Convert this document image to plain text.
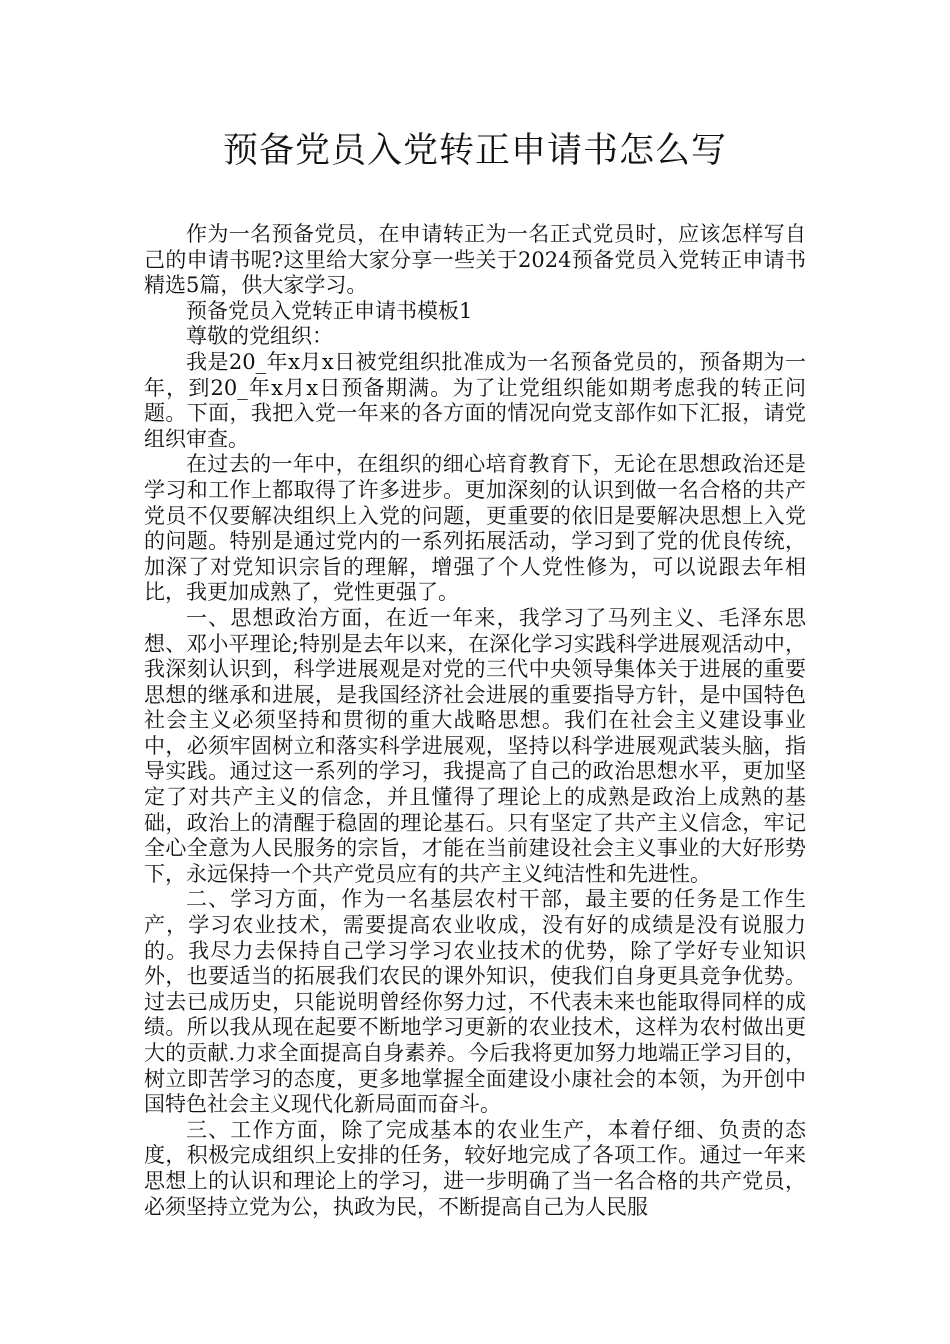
预备党员入党转正申请书怎么写

作为一名预备党员，在申请转正为一名正式党员时，应该怎样写自己的申请书呢?这里给大家分享一些关于2024预备党员入党转正申请书精选5篇，供大家学习。

预备党员入党转正申请书模板1

尊敬的党组织：

我是20_年x月x日被党组织批准成为一名预备党员的，预备期为一年，到20_年x月x日预备期满。为了让党组织能如期考虑我的转正问题。下面，我把入党一年来的各方面的情况向党支部作如下汇报，请党组织审查。

在过去的一年中，在组织的细心培育教育下，无论在思想政治还是学习和工作上都取得了许多进步。更加深刻的认识到做一名合格的共产党员不仅要解决组织上入党的问题，更重要的依旧是要解决思想上入党的问题。特别是通过党内的一系列拓展活动，学习到了党的优良传统，加深了对党知识宗旨的理解，增强了个人党性修为，可以说跟去年相比，我更加成熟了，党性更强了。

一、思想政治方面，在近一年来，我学习了马列主义、毛泽东思想、邓小平理论;特别是去年以来，在深化学习实践科学进展观活动中，我深刻认识到，科学进展观是对党的三代中央领导集体关于进展的重要思想的继承和进展，是我国经济社会进展的重要指导方针，是中国特色社会主义必须坚持和贯彻的重大战略思想。我们在社会主义建设事业中，必须牢固树立和落实科学进展观，坚持以科学进展观武装头脑，指导实践。通过这一系列的学习，我提高了自己的政治思想水平，更加坚定了对共产主义的信念，并且懂得了理论上的成熟是政治上成熟的基础，政治上的清醒于稳固的理论基石。只有坚定了共产主义信念，牢记全心全意为人民服务的宗旨，才能在当前建设社会主义事业的大好形势下，永远保持一个共产党员应有的共产主义纯洁性和先进性。

二、学习方面，作为一名基层农村干部，最主要的任务是工作生产，学习农业技术，需要提高农业收成，没有好的成绩是没有说服力的。我尽力去保持自己学习学习农业技术的优势，除了学好专业知识外，也要适当的拓展我们农民的课外知识，使我们自身更具竞争优势。过去已成历史，只能说明曾经你努力过，不代表未来也能取得同样的成绩。所以我从现在起要不断地学习更新的农业技术，这样为农村做出更大的贡献.力求全面提高自身素养。今后我将更加努力地端正学习目的，树立即苦学习的态度，更多地掌握全面建设小康社会的本领，为开创中国特色社会主义现代化新局面而奋斗。

三、工作方面，除了完成基本的农业生产，本着仔细、负责的态度，积极完成组织上安排的任务，较好地完成了各项工作。通过一年来思想上的认识和理论上的学习，进一步明确了当一名合格的共产党员，必须坚持立党为公，执政为民，不断提高自己为人民服
